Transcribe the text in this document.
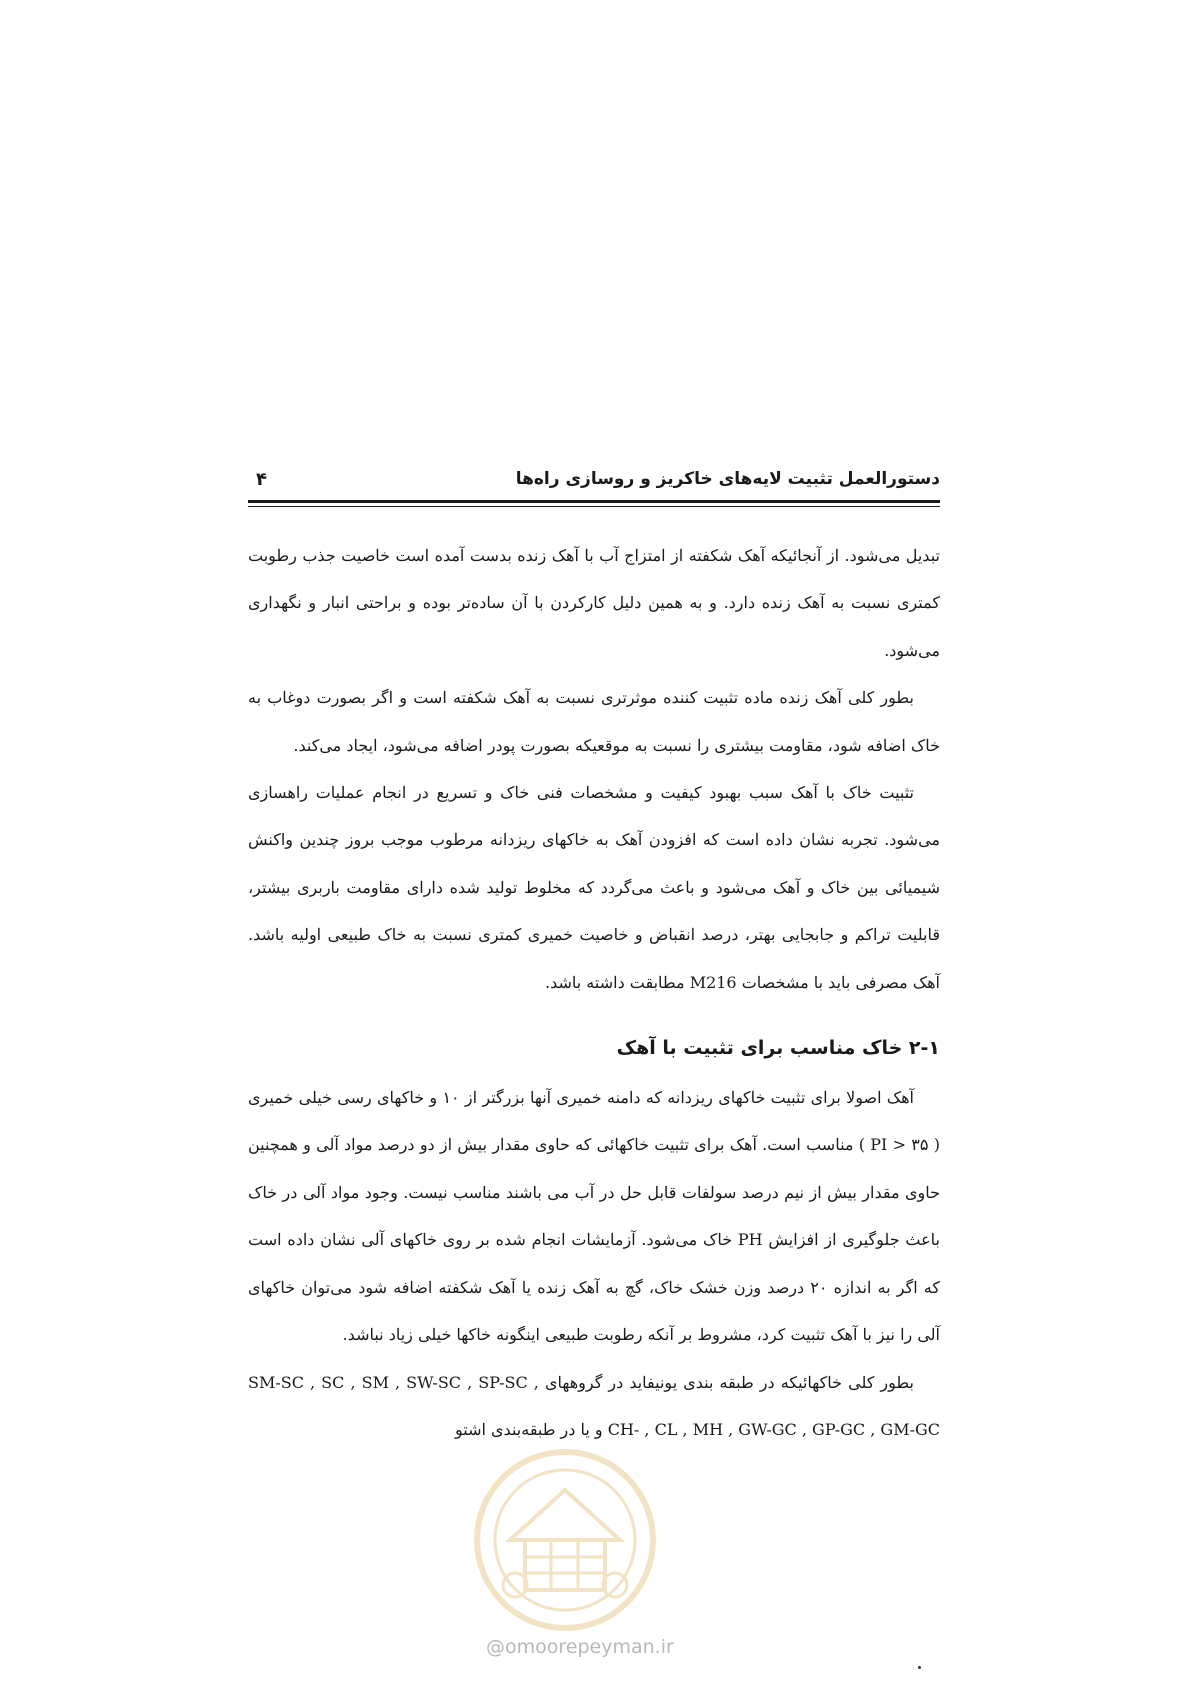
دستورالعمل تثبیت لایه‌های خاکریز و روسازی راه‌ها
۴

تبدیل می‌شود. از آنجائیکه آهک شکفته از امتزاج آب با آهک زنده بدست آمده است خاصیت جذب رطوبت کمتری نسبت به آهک زنده دارد. و به همین دلیل کارکردن با آن ساده‌تر بوده و براحتی انبار و نگهداری می‌شود.

بطور کلی آهک زنده ماده تثبیت کننده موثرتری نسبت به آهک شکفته است و اگر بصورت دوغاب به خاک اضافه شود، مقاومت بیشتری را نسبت به موقعیکه بصورت پودر اضافه می‌شود، ایجاد می‌کند.

تثبیت خاک با آهک سبب بهبود کیفیت و مشخصات فنی خاک و تسریع در انجام عملیات راهسازی می‌شود. تجربه نشان داده است که افزودن آهک به خاکهای ریزدانه مرطوب موجب بروز چندین واکنش شیمیائی بین خاک و آهک می‌شود و باعث می‌گردد که مخلوط تولید شده دارای مقاومت باربری بیشتر، قابلیت تراکم و جابجایی بهتر، درصد انقباض و خاصیت خمیری کمتری نسبت به خاک طبیعی اولیه باشد. آهک مصرفی باید با مشخصات M216 مطابقت داشته باشد.

۲-۱ خاک مناسب برای تثبیت با آهک

آهک اصولا برای تثبیت خاکهای ریزدانه که دامنه خمیری آنها بزرگتر از ۱۰ و خاکهای رسی خیلی خمیری ( PI > ۳۵ ) مناسب است. آهک برای تثبیت خاکهائی که حاوی مقدار بیش از دو درصد مواد آلی و همچنین حاوی مقدار بیش از نیم درصد سولفات قابل حل در آب می باشند مناسب نیست. وجود مواد آلی در خاک باعث جلوگیری از افزایش PH خاک می‌شود. آزمایشات انجام شده بر روی خاکهای آلی نشان داده است که اگر به اندازه ۲۰ درصد وزن خشک خاک، گچ به آهک زنده یا آهک شکفته اضافه شود می‌توان خاکهای آلی را نیز با آهک تثبیت کرد، مشروط بر آنکه رطوبت طبیعی اینگونه خاکها خیلی زیاد نباشد.

بطور کلی خاکهائیکه در طبقه بندی یونیفاید در گروههای SM-SC , SC , SM , SW-SC , SP-SC , CH- , CL , MH , GW-GC , GP-GC , GM-GC و یا در طبقه‌بندی اشتو

@omoorepeyman.ir
